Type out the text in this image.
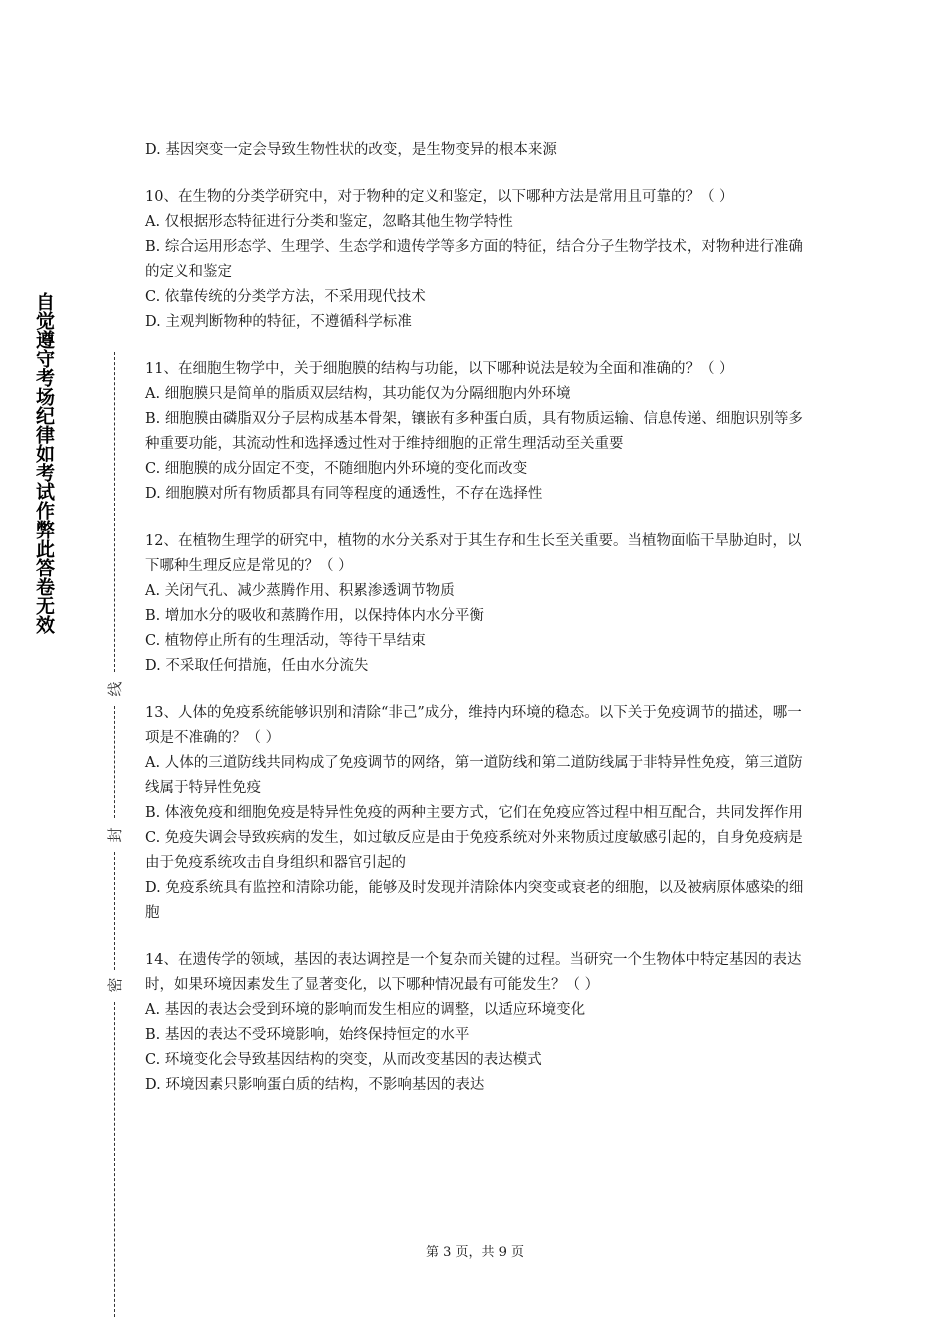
自觉遵守考场纪律如考试作弊此答卷无效
线
封
密

D. 基因突变一定会导致生物性状的改变，是生物变异的根本来源

10、在生物的分类学研究中，对于物种的定义和鉴定，以下哪种方法是常用且可靠的？（ ）

A. 仅根据形态特征进行分类和鉴定，忽略其他生物学特性

B. 综合运用形态学、生理学、生态学和遗传学等多方面的特征，结合分子生物学技术，对物种进行准确的定义和鉴定

C. 依靠传统的分类学方法，不采用现代技术

D. 主观判断物种的特征，不遵循科学标准

11、在细胞生物学中，关于细胞膜的结构与功能，以下哪种说法是较为全面和准确的？（ ）

A. 细胞膜只是简单的脂质双层结构，其功能仅为分隔细胞内外环境

B. 细胞膜由磷脂双分子层构成基本骨架，镶嵌有多种蛋白质，具有物质运输、信息传递、细胞识别等多种重要功能，其流动性和选择透过性对于维持细胞的正常生理活动至关重要

C. 细胞膜的成分固定不变，不随细胞内外环境的变化而改变

D. 细胞膜对所有物质都具有同等程度的通透性，不存在选择性

12、在植物生理学的研究中，植物的水分关系对于其生存和生长至关重要。当植物面临干旱胁迫时，以下哪种生理反应是常见的？（ ）

A. 关闭气孔、减少蒸腾作用、积累渗透调节物质

B. 增加水分的吸收和蒸腾作用，以保持体内水分平衡

C. 植物停止所有的生理活动，等待干旱结束

D. 不采取任何措施，任由水分流失

13、人体的免疫系统能够识别和清除“非己”成分，维持内环境的稳态。以下关于免疫调节的描述，哪一项是不准确的？（ ）

A. 人体的三道防线共同构成了免疫调节的网络，第一道防线和第二道防线属于非特异性免疫，第三道防线属于特异性免疫

B. 体液免疫和细胞免疫是特异性免疫的两种主要方式，它们在免疫应答过程中相互配合，共同发挥作用

C. 免疫失调会导致疾病的发生，如过敏反应是由于免疫系统对外来物质过度敏感引起的，自身免疫病是由于免疫系统攻击自身组织和器官引起的

D. 免疫系统具有监控和清除功能，能够及时发现并清除体内突变或衰老的细胞，以及被病原体感染的细胞

14、在遗传学的领域，基因的表达调控是一个复杂而关键的过程。当研究一个生物体中特定基因的表达时，如果环境因素发生了显著变化，以下哪种情况最有可能发生？（ ）

A. 基因的表达会受到环境的影响而发生相应的调整，以适应环境变化

B. 基因的表达不受环境影响，始终保持恒定的水平

C. 环境变化会导致基因结构的突变，从而改变基因的表达模式

D. 环境因素只影响蛋白质的结构，不影响基因的表达

第 3 页，共 9 页
